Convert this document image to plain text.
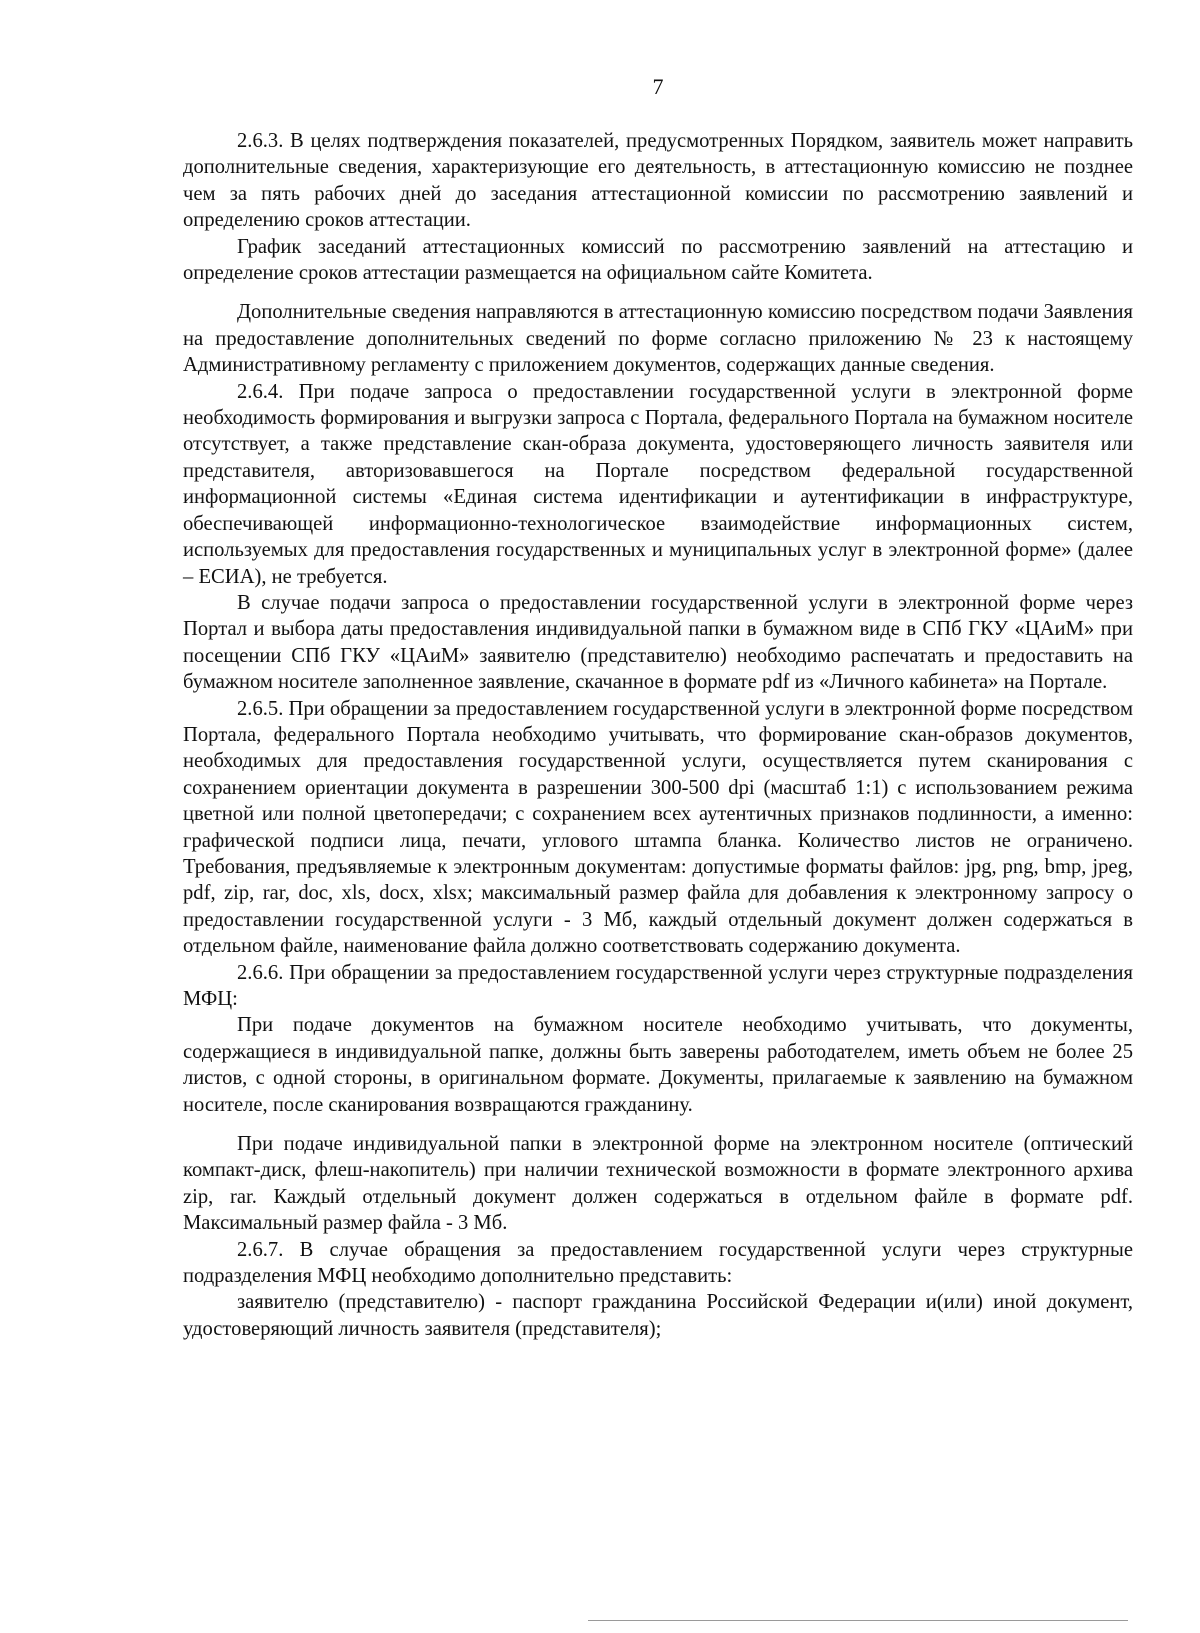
7

2.6.3. В целях подтверждения показателей, предусмотренных Порядком, заявитель может направить дополнительные сведения, характеризующие его деятельность, в аттестационную комиссию не позднее чем за пять рабочих дней до заседания аттестационной комиссии по рассмотрению заявлений и определению сроков аттестации.

График заседаний аттестационных комиссий по рассмотрению заявлений на аттестацию и определение сроков аттестации размещается на официальном сайте Комитета.

Дополнительные сведения направляются в аттестационную комиссию посредством подачи Заявления на предоставление дополнительных сведений по форме согласно приложению № 23 к настоящему Административному регламенту с приложением документов, содержащих данные сведения.

2.6.4. При подаче запроса о предоставлении государственной услуги в электронной форме необходимость формирования и выгрузки запроса с Портала, федерального Портала на бумажном носителе отсутствует, а также представление скан-образа документа, удостоверяющего личность заявителя или представителя, авторизовавшегося на Портале посредством федеральной государственной информационной системы «Единая система идентификации и аутентификации в инфраструктуре, обеспечивающей информационно-технологическое взаимодействие информационных систем, используемых для предоставления государственных и муниципальных услуг в электронной форме» (далее – ЕСИА), не требуется.

В случае подачи запроса о предоставлении государственной услуги в электронной форме через Портал и выбора даты предоставления индивидуальной папки в бумажном виде в СПб ГКУ «ЦАиМ» при посещении СПб ГКУ «ЦАиМ» заявителю (представителю) необходимо распечатать и предоставить на бумажном носителе заполненное заявление, скачанное в формате pdf из «Личного кабинета» на Портале.

2.6.5. При обращении за предоставлением государственной услуги в электронной форме посредством Портала, федерального Портала необходимо учитывать, что формирование скан-образов документов, необходимых для предоставления государственной услуги, осуществляется путем сканирования с сохранением ориентации документа в разрешении 300-500 dpi (масштаб 1:1) с использованием режима цветной или полной цветопередачи; с сохранением всех аутентичных признаков подлинности, а именно: графической подписи лица, печати, углового штампа бланка. Количество листов не ограничено. Требования, предъявляемые к электронным документам: допустимые форматы файлов: jpg, png, bmp, jpeg, pdf, zip, rar, doc, xls, docx, xlsx; максимальный размер файла для добавления к электронному запросу о предоставлении государственной услуги - 3 Мб, каждый отдельный документ должен содержаться в отдельном файле, наименование файла должно соответствовать содержанию документа.

2.6.6. При обращении за предоставлением государственной услуги через структурные подразделения МФЦ:

При подаче документов на бумажном носителе необходимо учитывать, что документы, содержащиеся в индивидуальной папке, должны быть заверены работодателем, иметь объем не более 25 листов, с одной стороны, в оригинальном формате. Документы, прилагаемые к заявлению на бумажном носителе, после сканирования возвращаются гражданину.

При подаче индивидуальной папки в электронной форме на электронном носителе (оптический компакт-диск, флеш-накопитель) при наличии технической возможности в формате электронного архива zip, rar. Каждый отдельный документ должен содержаться в отдельном файле в формате pdf. Максимальный размер файла - 3 Мб.

2.6.7. В случае обращения за предоставлением государственной услуги через структурные подразделения МФЦ необходимо дополнительно представить:

заявителю (представителю) - паспорт гражданина Российской Федерации и(или) иной документ, удостоверяющий личность заявителя (представителя);
